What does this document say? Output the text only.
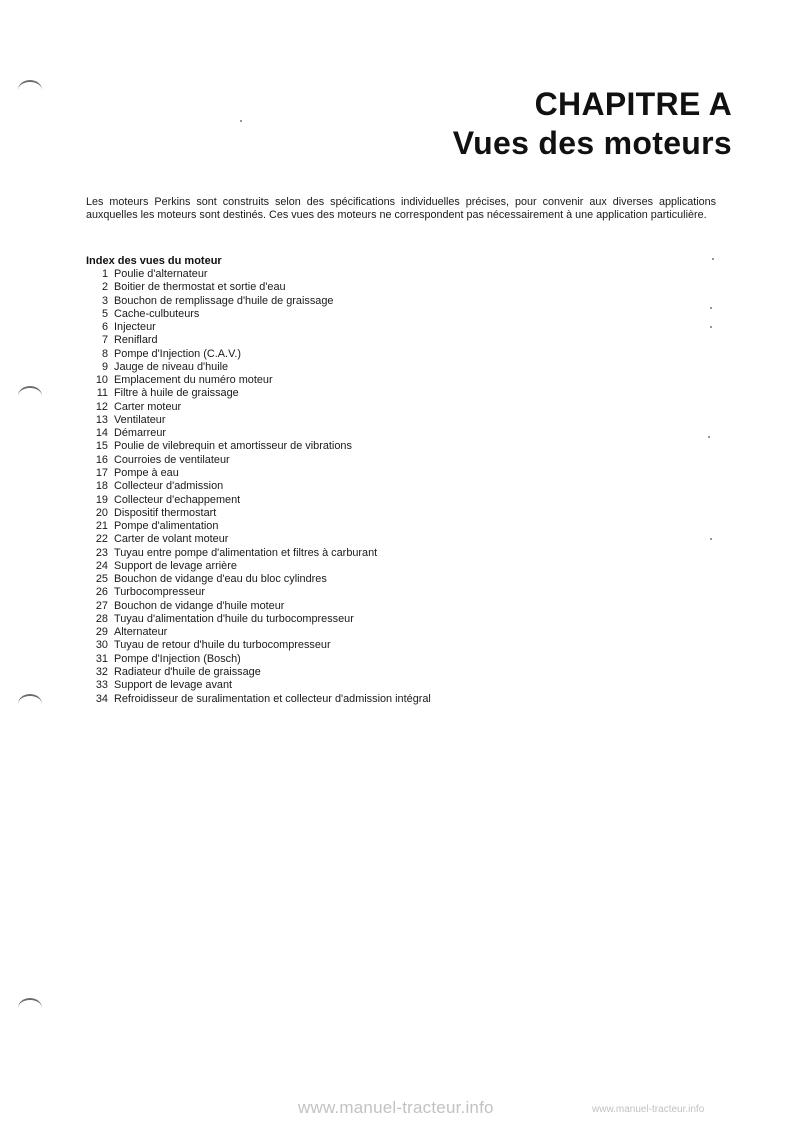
CHAPITRE A
Vues des moteurs
Les moteurs Perkins sont construits selon des spécifications individuelles précises, pour convenir aux diverses applications auxquelles les moteurs sont destinés. Ces vues des moteurs ne correspondent pas nécessairement à une application particulière.
Index des vues du moteur
1 Poulie d'alternateur
2 Boitier de thermostat et sortie d'eau
3 Bouchon de remplissage d'huile de graissage
5 Cache-culbuteurs
6 Injecteur
7 Reniflard
8 Pompe d'Injection (C.A.V.)
9 Jauge de niveau d'huile
10 Emplacement du numéro moteur
11 Filtre à huile de graissage
12 Carter moteur
13 Ventilateur
14 Démarreur
15 Poulie de vilebrequin et amortisseur de vibrations
16 Courroies de ventilateur
17 Pompe à eau
18 Collecteur d'admission
19 Collecteur d'echappement
20 Dispositif thermostart
21 Pompe d'alimentation
22 Carter de volant moteur
23 Tuyau entre pompe d'alimentation et filtres à carburant
24 Support de levage arrière
25 Bouchon de vidange d'eau du bloc cylindres
26 Turbocompresseur
27 Bouchon de vidange d'huile moteur
28 Tuyau d'alimentation d'huile du turbocompresseur
29 Alternateur
30 Tuyau de retour d'huile du turbocompresseur
31 Pompe d'Injection (Bosch)
32 Radiateur d'huile de graissage
33 Support de levage avant
34 Refroidisseur de suralimentation et collecteur d'admission intégral
www.manuel-tracteur.info	www.manuel-tracteur.info
